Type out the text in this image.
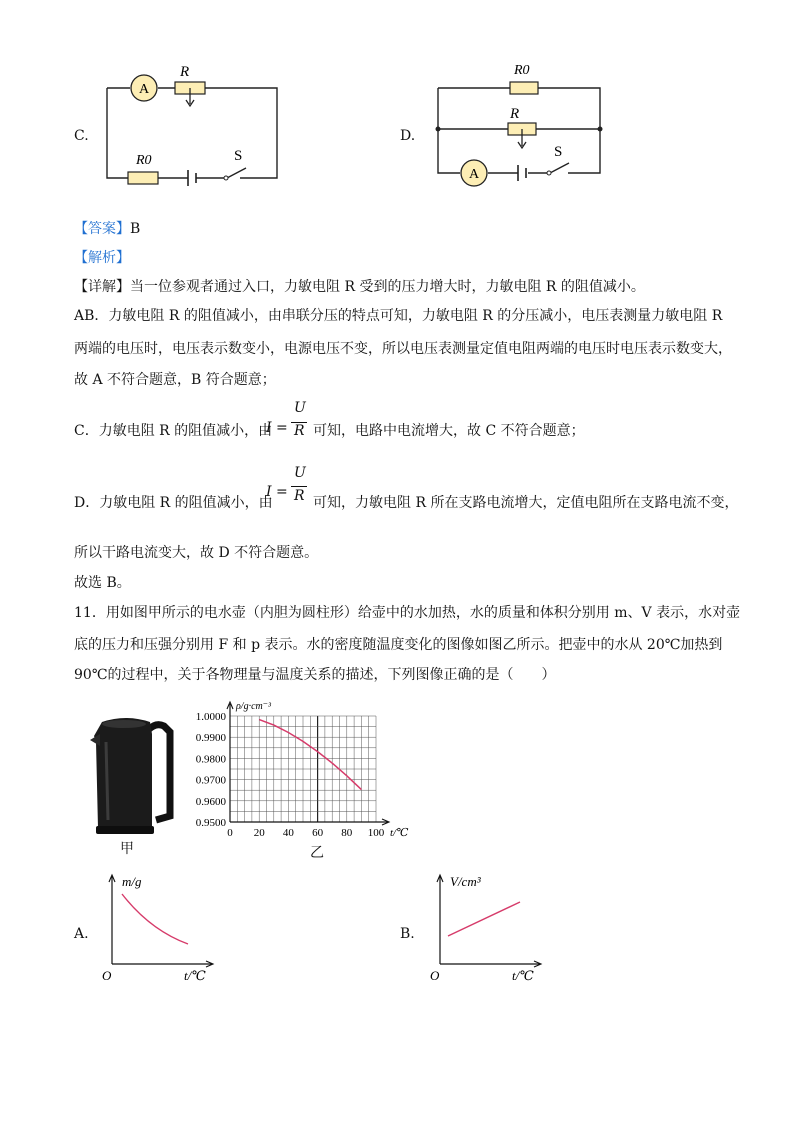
C.
A
R
R0	S
D.
R0
R
A
S
【答案】B
【解析】
【详解】当一位参观者通过入口，力敏电阻 R 受到的压力增大时，力敏电阻 R 的阻值减小。
AB．力敏电阻 R 的阻值减小，由串联分压的特点可知，力敏电阻 R 的分压减小，电压表测量力敏电阻 R
两端的电压时，电压表示数变小，电源电压不变，所以电压表测量定值电阻两端的电压时电压表示数变大，
故 A 不符合题意，B 符合题意；
C．力敏电阻 R 的阻值减小，由
I =
U
R 可知，电路中电流增大，故 C 不符合题意；
D．力敏电阻 R 的阻值减小，由
I =
U
R 可知，力敏电阻 R 所在支路电流增大，定值电阻所在支路电流不变，
所以干路电流变大，故 D 不符合题意。
故选 B。
11．用如图甲所示的电水壶（内胆为圆柱形）给壶中的水加热，水的质量和体积分别用 m、V 表示，水对壶
底的压力和压强分别用 F 和 p 表示。水的密度随温度变化的图像如图乙所示。把壶中的水从 20℃加热到
90℃的过程中，关于各物理量与温度关系的描述，下列图像正确的是（　　）
甲
0.9500
0.9600
0.9700
0.9800
0.9900
1.0000
0 20 40 60 80 100 t/℃
ρ/g·cm⁻³
乙
A.
m/g
t/℃
O
B.
V/cm³
t/℃
O
